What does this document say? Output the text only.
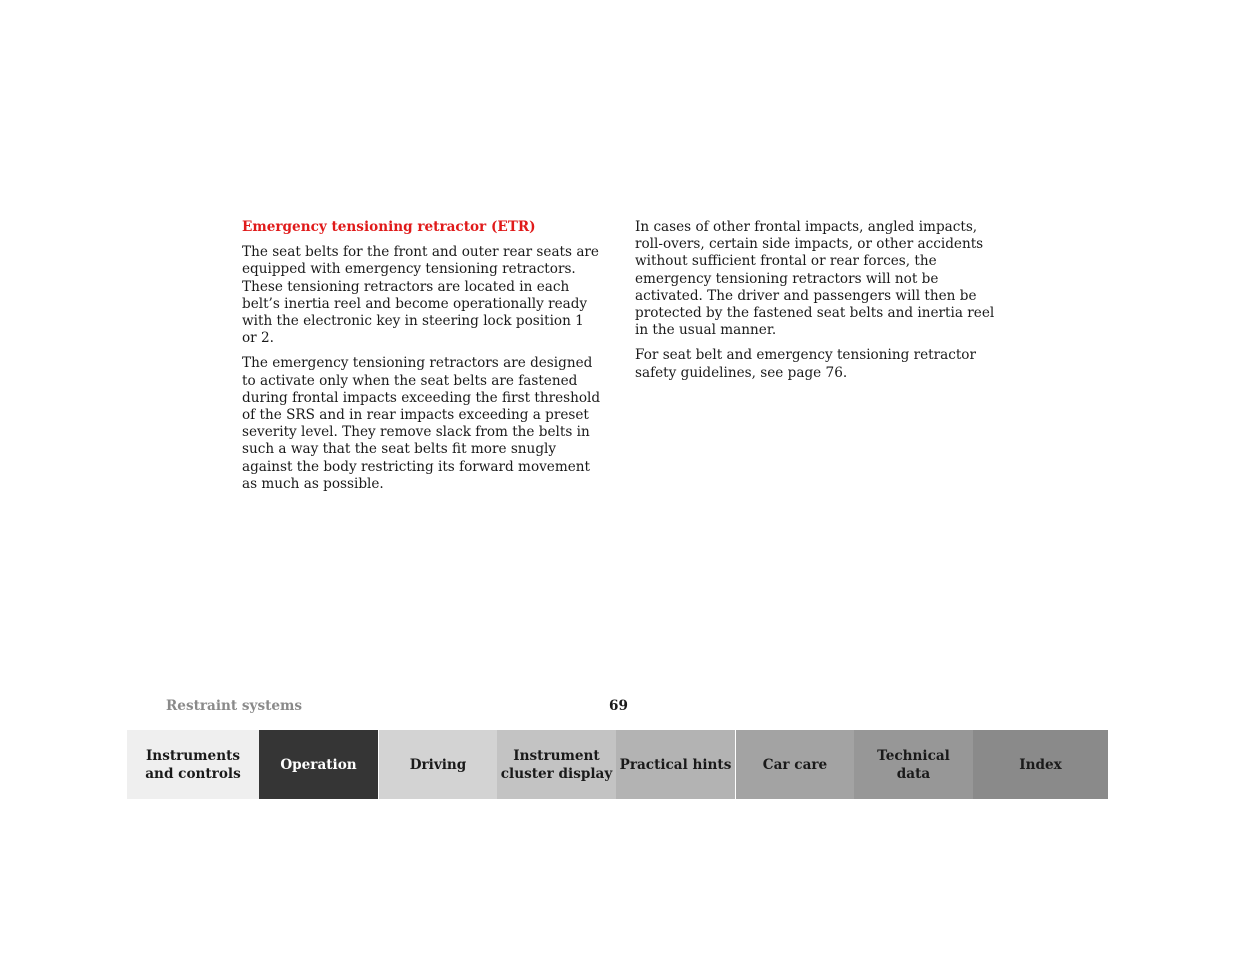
Emergency tensioning retractor (ETR)

The seat belts for the front and outer rear seats are equipped with emergency tensioning retractors. These tensioning retractors are located in each belt’s inertia reel and become operationally ready with the electronic key in steering lock position 1 or 2.

The emergency tensioning retractors are designed to activate only when the seat belts are fastened during frontal impacts exceeding the first threshold of the SRS and in rear impacts exceeding a preset severity level. They remove slack from the belts in such a way that the seat belts fit more snugly against the body restricting its forward movement as much as possible.

In cases of other frontal impacts, angled impacts, roll-overs, certain side impacts, or other accidents without sufficient frontal or rear forces, the emergency tensioning retractors will not be activated. The driver and passengers will then be protected by the fastened seat belts and inertia reel in the usual manner.

For seat belt and emergency tensioning retractor safety guidelines, see page 76.

Restraint systems	69
Instruments
and controls
Operation	Driving
Instrument
cluster display
Practical hints	Car care
Technical
data
Index
